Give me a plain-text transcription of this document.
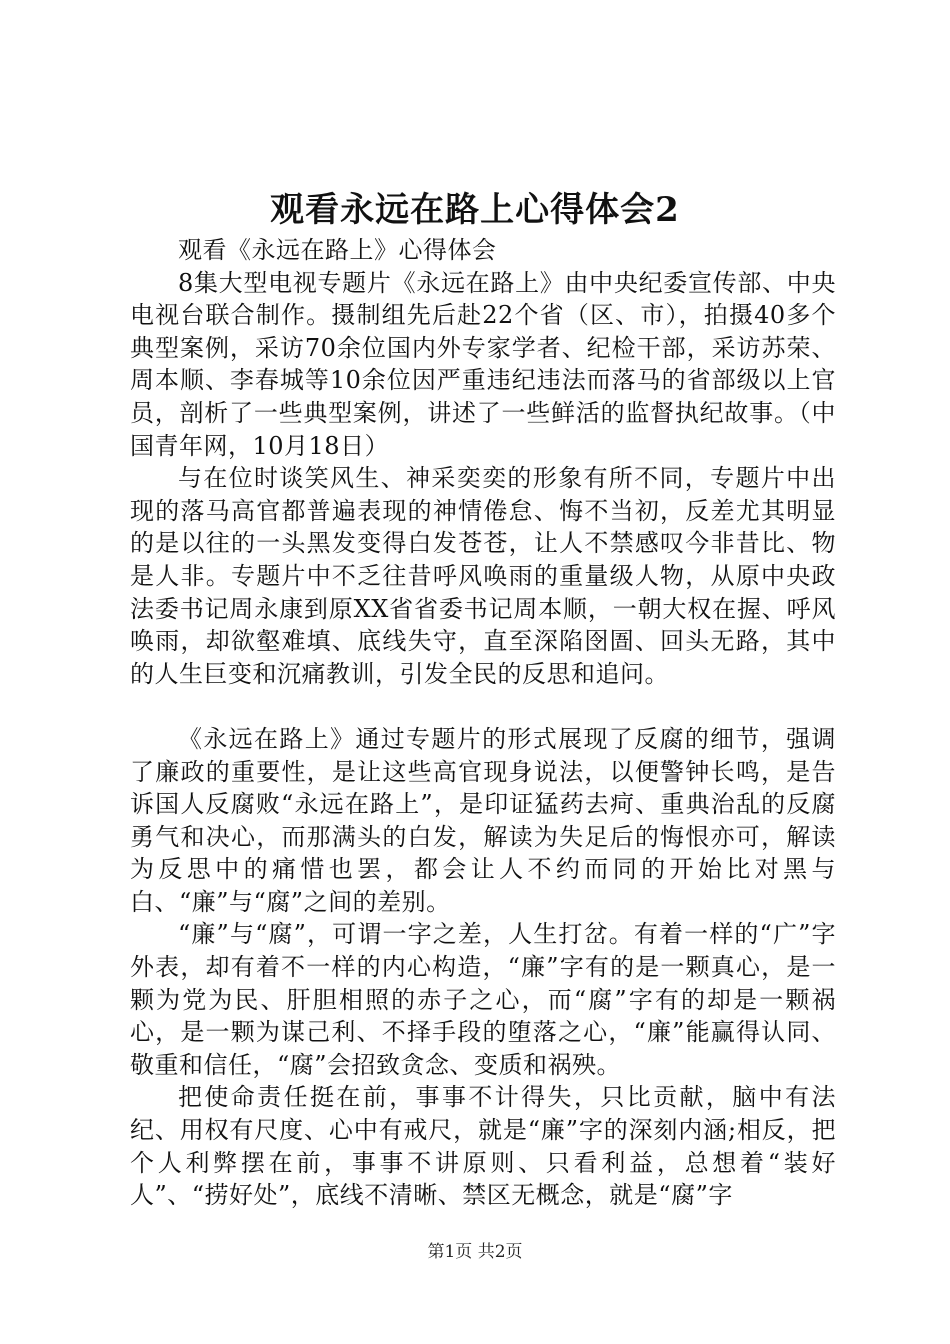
观看永远在路上心得体会2

观看《永远在路上》心得体会

8集大型电视专题片《永远在路上》由中央纪委宣传部、中央电视台联合制作。摄制组先后赴22个省（区、市），拍摄40多个典型案例，采访70余位国内外专家学者、纪检干部，采访苏荣、周本顺、李春城等10余位因严重违纪违法而落马的省部级以上官员，剖析了一些典型案例，讲述了一些鲜活的监督执纪故事。（中国青年网，10月18日）

与在位时谈笑风生、神采奕奕的形象有所不同，专题片中出现的落马高官都普遍表现的神情倦怠、悔不当初，反差尤其明显的是以往的一头黑发变得白发苍苍，让人不禁感叹今非昔比、物是人非。专题片中不乏往昔呼风唤雨的重量级人物，从原中央政法委书记周永康到原XX省省委书记周本顺，一朝大权在握、呼风唤雨，却欲壑难填、底线失守，直至深陷囹圄、回头无路，其中的人生巨变和沉痛教训，引发全民的反思和追问。

《永远在路上》通过专题片的形式展现了反腐的细节，强调了廉政的重要性，是让这些高官现身说法，以便警钟长鸣，是告诉国人反腐败“永远在路上”，是印证猛药去疴、重典治乱的反腐勇气和决心，而那满头的白发，解读为失足后的悔恨亦可，解读为反思中的痛惜也罢，都会让人不约而同的开始比对黑与白、“廉”与“腐”之间的差别。

“廉”与“腐”，可谓一字之差，人生打岔。有着一样的“广”字外表，却有着不一样的内心构造，“廉”字有的是一颗真心，是一颗为党为民、肝胆相照的赤子之心，而“腐”字有的却是一颗祸心，是一颗为谋己利、不择手段的堕落之心，“廉”能赢得认同、敬重和信任，“腐”会招致贪念、变质和祸殃。

把使命责任挺在前，事事不计得失，只比贡献，脑中有法纪、用权有尺度、心中有戒尺，就是“廉”字的深刻内涵;相反，把个人利弊摆在前，事事不讲原则、只看利益，总想着“装好人”、“捞好处”，底线不清晰、禁区无概念，就是“腐”字

第1页 共2页
